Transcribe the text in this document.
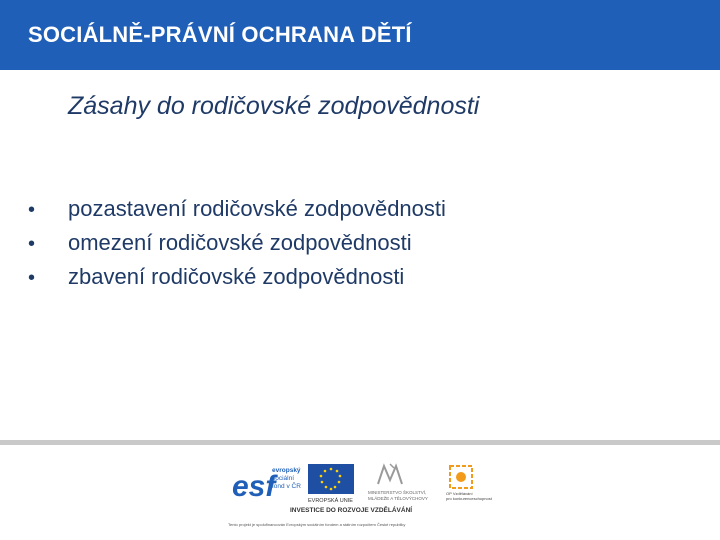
SOCIÁLNĚ-PRÁVNÍ OCHRANA DĚTÍ
Zásahy do rodičovské zodpovědnosti
•	pozastavení rodičovské zodpovědnosti
•	omezení rodičovské zodpovědnosti
•	zbavení rodičovské zodpovědnosti
esf
evropský
sociální
fond v ČR
EVROPSKÁ UNIE
MINISTERSTVO ŠKOLSTVÍ,
MLÁDEŽE A TĚLOVÝCHOVY
OP Vzdělávání
pro konkurenceschopnost
INVESTICE DO ROZVOJE VZDĚLÁVÁNÍ
Tento projekt je spolufinancován Evropským sociálním fondem a státním rozpočtem České republiky
